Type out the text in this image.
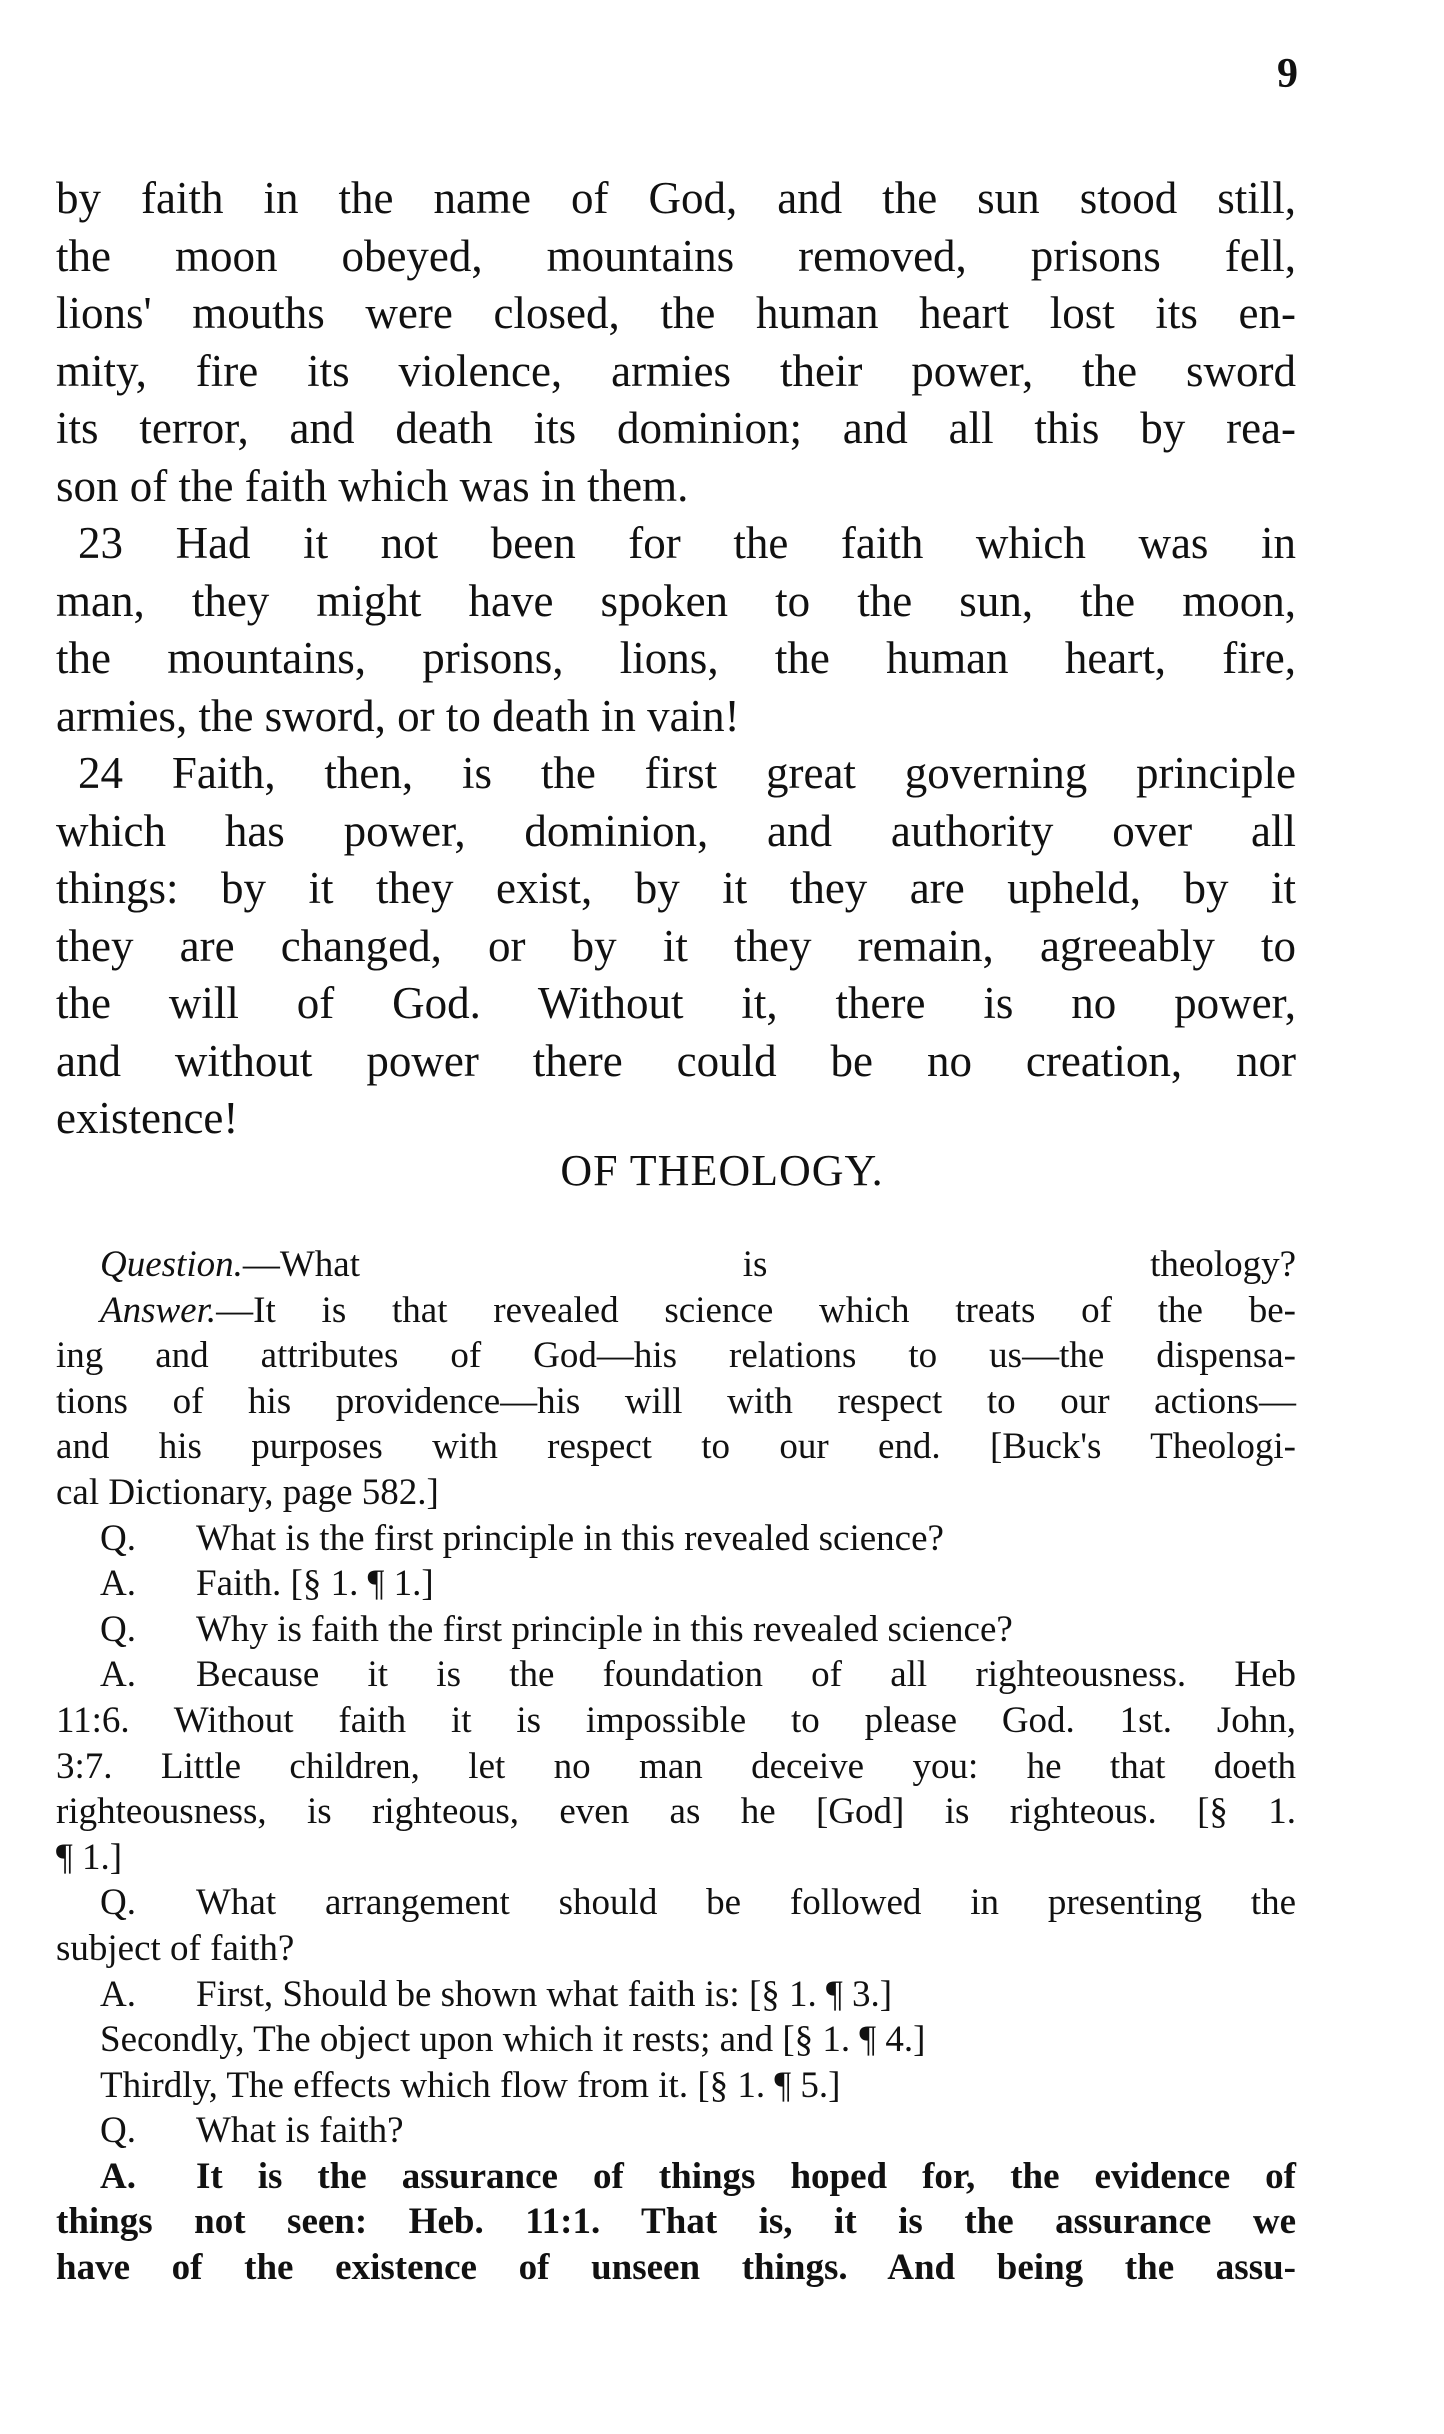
9
by faith in the name of God, and the sun stood still,
the moon obeyed, mountains removed, prisons fell,
lions' mouths were closed, the human heart lost its en-
mity, fire its violence, armies their power, the sword
its terror, and death its dominion; and all this by rea-
son of the faith which was in them.
23 Had it not been for the faith which was in
man, they might have spoken to the sun, the moon,
the mountains, prisons, lions, the human heart, fire,
armies, the sword, or to death in vain!
24 Faith, then, is the first great governing principle
which has power, dominion, and authority over all
things: by it they exist, by it they are upheld, by it
they are changed, or by it they remain, agreeably to
the will of God. Without it, there is no power,
and without power there could be no creation, nor
existence!
OF THEOLOGY.
Question.—What is theology?
Answer.—It is that revealed science which treats of the be-
ing and attributes of God—his relations to us—the dispensa-
tions of his providence—his will with respect to our actions—
and his purposes with respect to our end. [Buck's Theologi-
cal Dictionary, page 582.]
Q. What is the first principle in this revealed science?
A. Faith. [§ 1. ¶ 1.]
Q. Why is faith the first principle in this revealed science?
A. Because it is the foundation of all righteousness. Heb
11:6. Without faith it is impossible to please God. 1st. John,
3:7. Little children, let no man deceive you: he that doeth
righteousness, is righteous, even as he [God] is righteous. [§ 1.
¶ 1.]
Q. What arrangement should be followed in presenting the
subject of faith?
A. First, Should be shown what faith is: [§ 1. ¶ 3.]
Secondly, The object upon which it rests; and [§ 1. ¶ 4.]
Thirdly, The effects which flow from it. [§ 1. ¶ 5.]
Q. What is faith?
A. It is the assurance of things hoped for, the evidence of
things not seen: Heb. 11:1. That is, it is the assurance we
have of the existence of unseen things. And being the assu-
